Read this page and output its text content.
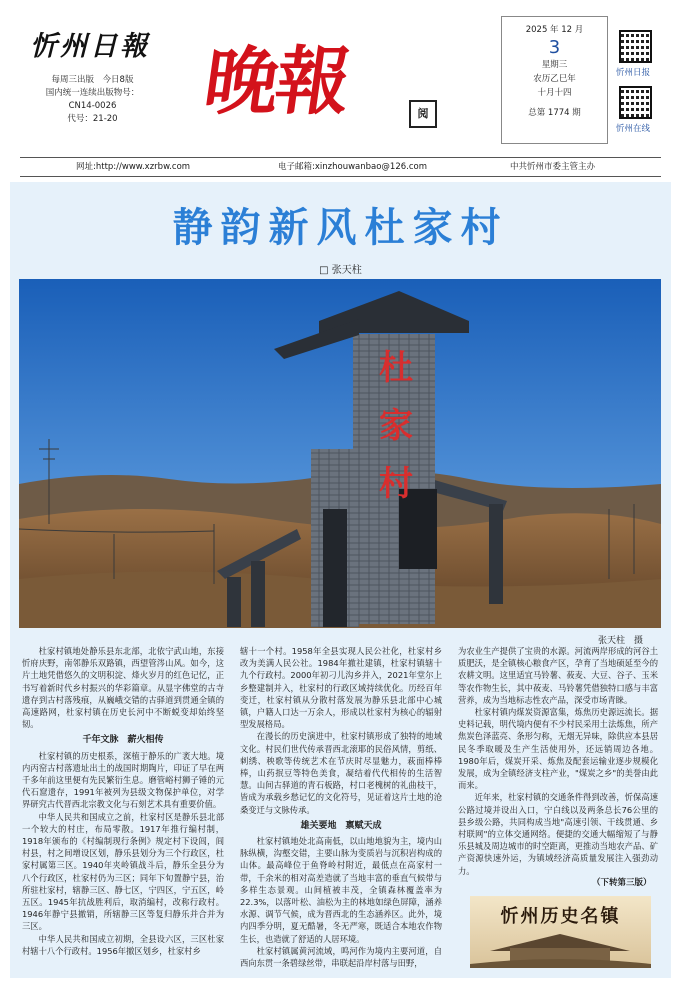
忻州日報
每周三出版　今日8版
国内统一连续出版物号：
CN14-0026
代号：21-20	晚報	阅
2025 年 12 月
3
星期三
农历乙巳年
十月十四
总第 1774 期
忻州日报
忻州在线
网址:http://www.xzrbw.com	电子邮箱:xinzhouwanbao@126.com	中共忻州市委主管主办
静韵新风杜家村
□ 张天柱
杜
家
村
张天柱　摄

杜家村镇地处静乐县东北部，北依宁武山地，东接忻府庆野，南邻静乐双路镇，西望管涔山风。如今，这片土地凭借悠久的文明积淀、烽火岁月的红色记忆，正书写着新时代乡村振兴的华彩篇章。从显字佛堂的古寺遗存到古村落残痕，从巍峨交错的古驿道到贯通全镇的高速路网，杜家村镇在历史长河中不断蜕变却始终坚韧。

千年文脉　薪火相传

杜家村镇的历史根系，深植于静乐的广袤大地。境内丙窑古村落遗址出土的战国时期陶片，印证了早在两千多年前这里便有先民繁衍生息。磨管峪村狮子锤的元代石窟遗存，1991年被列为县级文物保护单位，对学界研究古代晋西北宗教文化与石刻艺术具有重要价值。

中华人民共和国成立之前，杜家村区是静乐县北部一个较大的村庄，布局零散。1917年推行编村制，1918年颁布的《村编制现行条例》规定村下设闾，闾村县，村之间增设区划，静乐县划分为三个行政区，杜家村属第三区。1940年夹岭镇战斗后，静乐全县分为八个行政区，杜家村仍为三区；同年下旬置静宁县，治所驻杜家村，辖静三区、静七区，宁四区，宁五区，岭五区。1945年抗战胜利后，取消编村，改称行政村。1946年静宁县撤销，所辖静三区等复归静乐并合并为三区。

中华人民共和国成立初期，全县设六区，三区杜家村辖十八个行政村。1956年撤区划乡，杜家村乡

辖十一个村。1958年全县实现人民公社化，杜家村乡改为美满人民公社。1984年撤社建镇，杜家村镇辖十九个行政村。2000年初刁儿沟乡并入，2021年堂尔上乡整建制并入，杜家村的行政区域持续优化。历经百年变迁，杜家村镇从分散村落发展为静乐县北部中心城镇，户籍人口达一万余人，形成以杜家村为核心的辐射型发展格局。

在漫长的历史演进中，杜家村镇形成了独特的地域文化。村民们世代传承晋西北滚耶的民俗风情，剪纸、刺绣、秧歌等传统艺术在节庆时尽显魅力，萩面棒棒棒，山药抿豆等特色美食，凝结着代代相传的生活智慧。山间古驿道的青石板路，村口老槐树的礼曲枝干，皆成为承载乡愁记忆的文化符号，见证着这片土地的沧桑变迁与文脉传承。

雄关要地　禀赋天成

杜家村镇地处北高南低，以山地地貌为主，境内山脉纵横，沟壑交错，主要山脉为变质岩与沉积岩构成的山体。最高峰位于鱼脊岭村附近，最低点在高家村一带，千余米的相对高差造就了当地丰富的垂直气候带与多样生态景观。山间植被丰茂，全镇森林覆盖率为22.3%，以落叶松、油松为主的林地如绿色屏障，涵养水源、调节气候，成为晋西北的生态涵养区。此外，境内四季分明，夏无酷暑，冬无严寒，既适合本地农作物生长，也造就了舒适的人居环境。

杜家村镇属黄河流域，鸣河作为境内主要河道，自西向东贯一条碧绿丝带，串联起沿岸村落与田野，

为农业生产提供了宝贵的水源。河流两岸形成的河谷土质肥沃，是全镇核心粮食产区，孕育了当地硕延至今的农耕文明。这里适宜马铃薯、莜麦、大豆、谷子、玉米等农作物生长，其中莜麦、马铃薯凭借独特口感与丰富营养，成为当地标志性农产品，深受市场青睐。

杜家村镇内煤炭资源富集，炼焦历史源远流长。据史料记载，明代境内便有不少村民采用土法炼焦，所产焦炭色泽蓝亮、条形匀称，无烟无异味，除供应本县居民冬季取暖及生产生活使用外，还远销周边各地。1980年后，煤炭开采、炼焦及配套运输业逐步规模化发展，成为全镇经济支柱产业，"煤炭之乡"的美誉由此而来。

近年来，杜家村镇的交通条件得到改善，忻保高速公路过境并设出入口，宁白线以及两条总长76公里的县乡级公路，共同构成当地"高速引领、干线贯通、乡村联网"的立体交通网络。便捷的交通大幅缩短了与静乐县城及周边城市的时空距离，更推动当地农产品、矿产资源快速外运，为镇域经济高质量发展注入强劲动力。

（下转第三版）
忻州历史名镇
